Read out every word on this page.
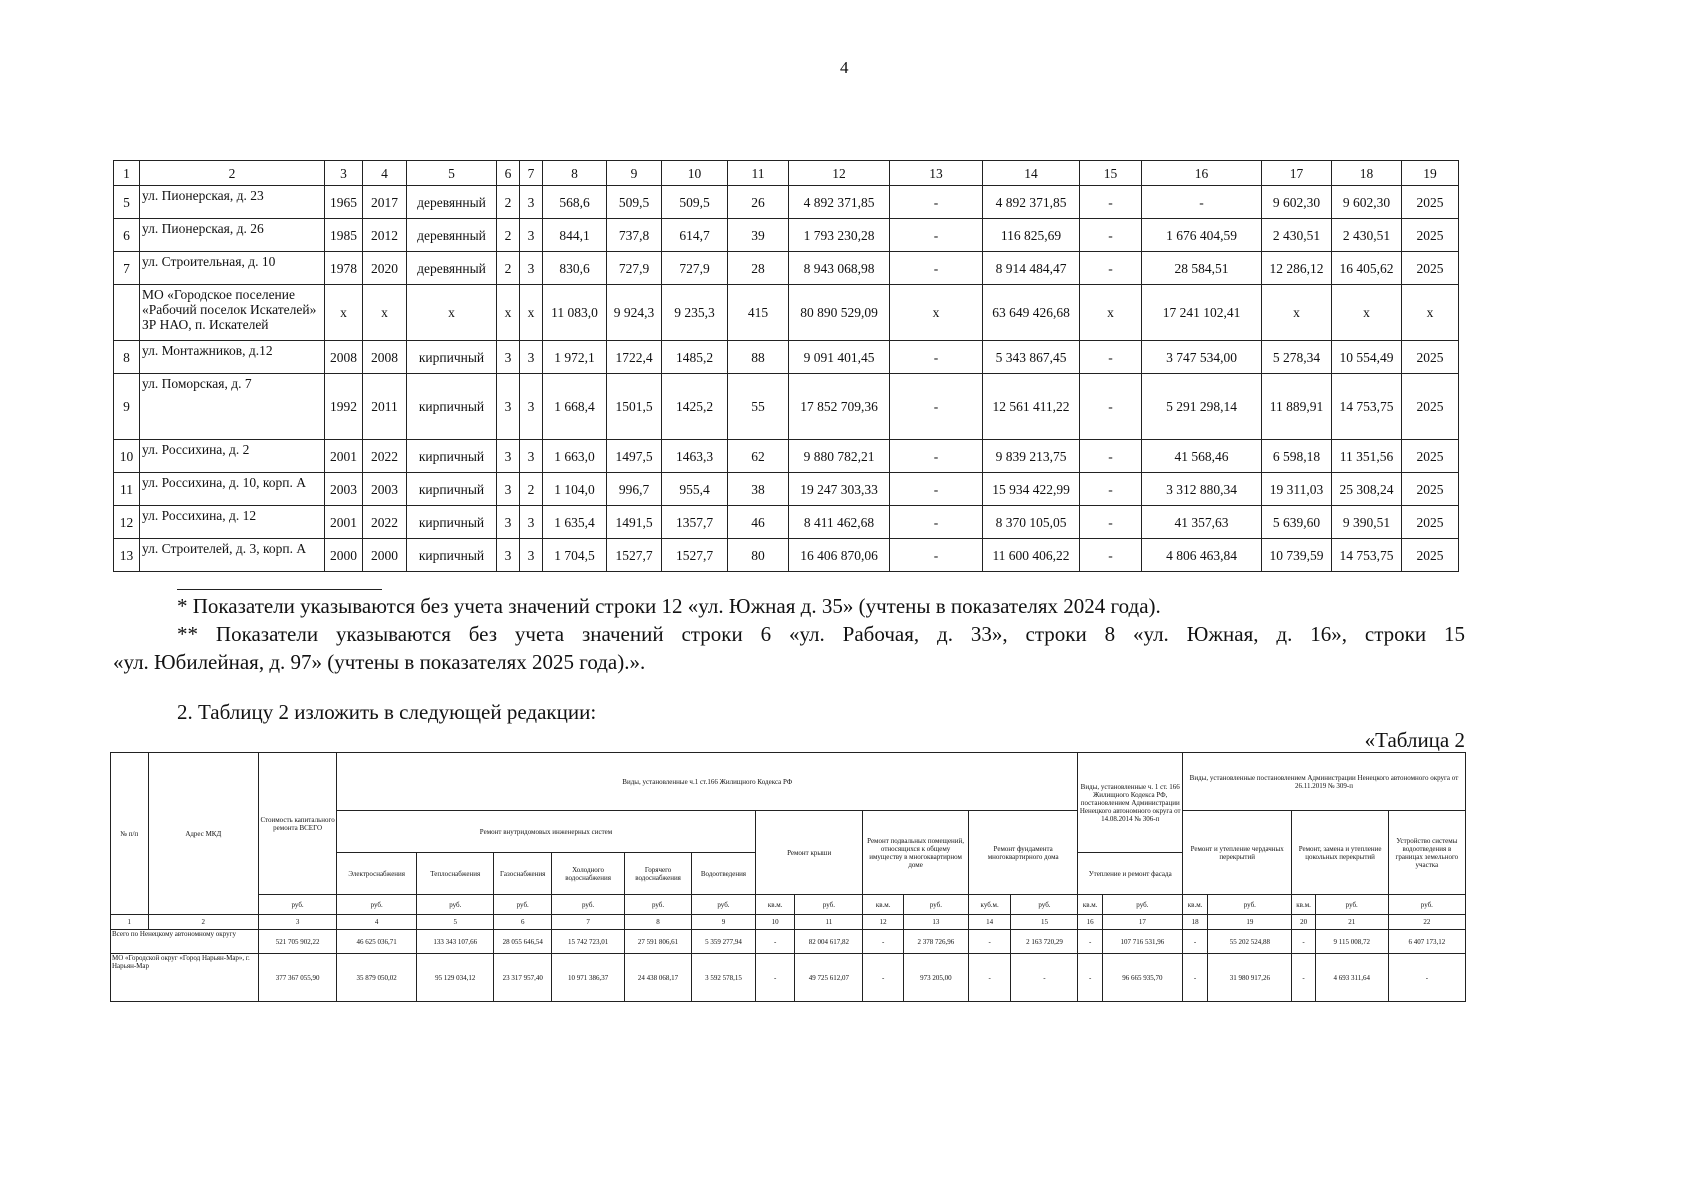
4
1	2	3	4	5	6	7	8	9	10	11	12	13	14	15	16	17	18	19
5	ул. Пионерская, д. 23	1965	2017	деревянный	2	3	568,6	509,5	509,5	26	4 892 371,85	-	4 892 371,85	-	-	9 602,30	9 602,30	2025
6	ул. Пионерская, д. 26	1985	2012	деревянный	2	3	844,1	737,8	614,7	39	1 793 230,28	-	116 825,69	-	1 676 404,59	2 430,51	2 430,51	2025
7	ул. Строительная, д. 10	1978	2020	деревянный	2	3	830,6	727,9	727,9	28	8 943 068,98	-	8 914 484,47	-	28 584,51	12 286,12	16 405,62	2025
	МО «Городское поселение «Рабочий поселок Искателей» ЗР НАО, п. Искателей	x	x	x	x	x	11 083,0	9 924,3	9 235,3	415	80 890 529,09	x	63 649 426,68	x	17 241 102,41	x	x	x
8	ул. Монтажников, д.12	2008	2008	кирпичный	3	3	1 972,1	1722,4	1485,2	88	9 091 401,45	-	5 343 867,45	-	3 747 534,00	5 278,34	10 554,49	2025
9	ул. Поморская, д. 7	1992	2011	кирпичный	3	3	1 668,4	1501,5	1425,2	55	17 852 709,36	-	12 561 411,22	-	5 291 298,14	11 889,91	14 753,75	2025
10	ул. Россихина, д. 2	2001	2022	кирпичный	3	3	1 663,0	1497,5	1463,3	62	9 880 782,21	-	9 839 213,75	-	41 568,46	6 598,18	11 351,56	2025
11	ул. Россихина, д. 10, корп. А	2003	2003	кирпичный	3	2	1 104,0	996,7	955,4	38	19 247 303,33	-	15 934 422,99	-	3 312 880,34	19 311,03	25 308,24	2025
12	ул. Россихина, д. 12	2001	2022	кирпичный	3	3	1 635,4	1491,5	1357,7	46	8 411 462,68	-	8 370 105,05	-	41 357,63	5 639,60	9 390,51	2025
13	ул. Строителей, д. 3, корп. А	2000	2000	кирпичный	3	3	1 704,5	1527,7	1527,7	80	16 406 870,06	-	11 600 406,22	-	4 806 463,84	10 739,59	14 753,75	2025
* Показатели указываются без учета значений строки 12 «ул. Южная д. 35» (учтены в показателях 2024 года).
** Показатели указываются без учета значений строки 6 «ул. Рабочая, д. 33», строки 8 «ул. Южная, д. 16», строки 15
«ул. Юбилейная, д. 97» (учтены в показателях 2025 года).».
2. Таблицу 2 изложить в следующей редакции:
«Таблица 2
№ п/п	Адрес МКД	Стоимость капитального ремонта ВСЕГО	Виды, установленные ч.1 ст.166 Жилищного Кодекса РФ												Виды, установленные ч. 1 ст. 166 Жилищного Кодекса РФ, постановлением Администрации Ненецкого автономного округа от 14.08.2014 № 306-п		Виды, установленные постановлением Администрации Ненецкого автономного округа от 26.11.2019 № 309-п				
			Ремонт внутридомовых инженерных систем						Ремонт крыши		Ремонт подвальных помещений, относящихся к общему имуществу в многоквартирном доме		Ремонт фундамента многоквартирного дома				Ремонт и утепление чердачных перекрытий		Ремонт, замена и утепление цокольных перекрытий		Устройство системы водоотведения в границах земельного участка
			Электроснабжения	Теплоснабжения	Газоснабжения	Холодного водоснабжения	Горячего водоснабжения	Водоотведения							Утепление и ремонт фасада						
		руб.	руб.	руб.	руб.	руб.	руб.	руб.	кв.м.	руб.	кв.м.	руб.	куб.м.	руб.	кв.м.	руб.	кв.м.	руб.	кв.м.	руб.	руб.
1	2	3	4	5	6	7	8	9	10	11	12	13	14	15	16	17	18	19	20	21	22
Всего по Ненецкому автономному округу		521 705 902,22	46 625 036,71	133 343 107,66	28 055 646,54	15 742 723,01	27 591 806,61	5 359 277,94	-	82 004 617,82	-	2 378 726,96	-	2 163 720,29	-	107 716 531,96	-	55 202 524,88	-	9 115 008,72	6 407 173,12
МО «Городской округ «Город Нарьян-Мар», г. Нарьян-Мар		377 367 055,90	35 879 050,02	95 129 034,12	23 317 957,40	10 971 386,37	24 438 068,17	3 592 578,15	-	49 725 612,07	-	973 205,00	-	-	-	96 665 935,70	-	31 980 917,26	-	4 693 311,64	-
